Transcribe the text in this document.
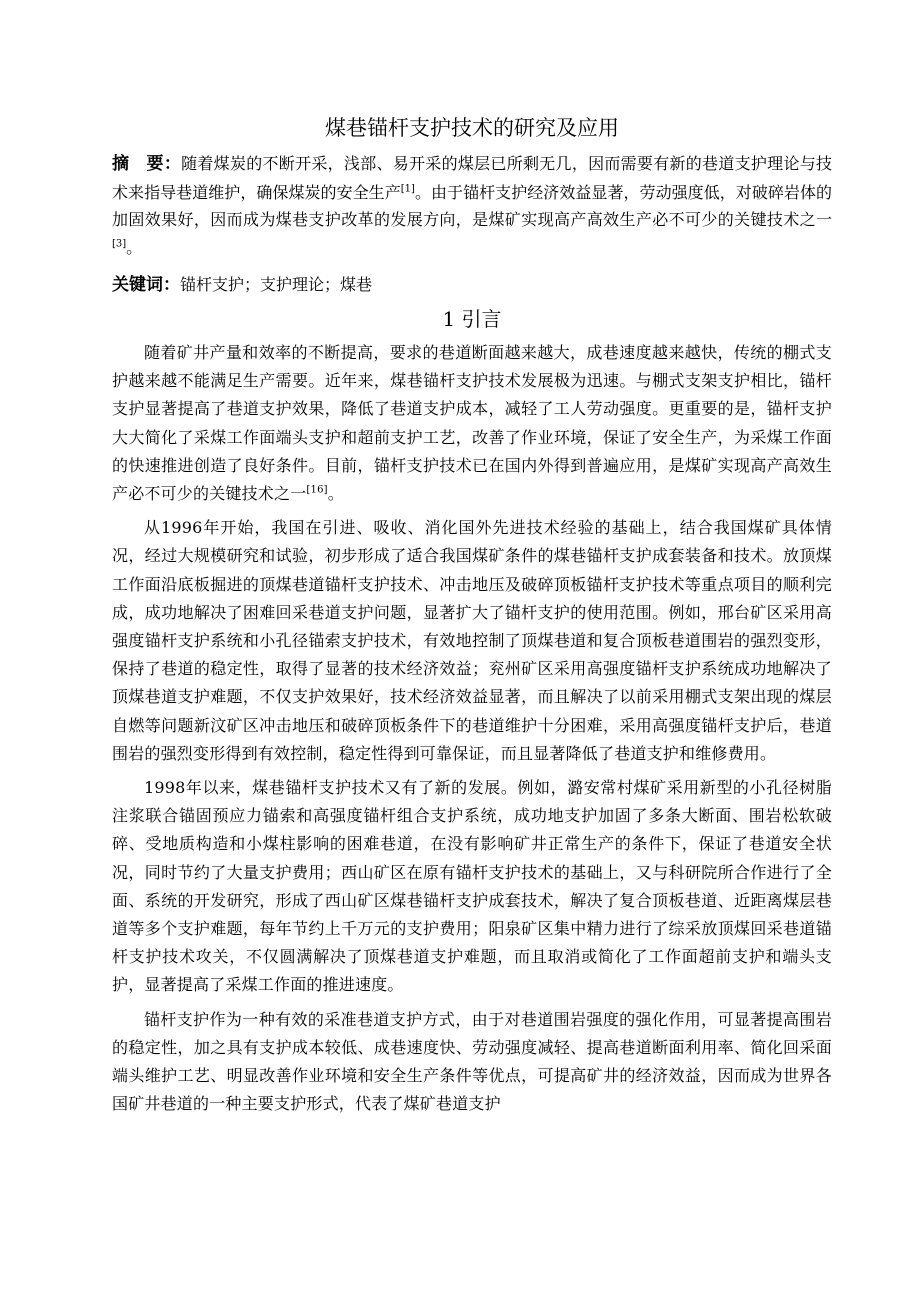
煤巷锚杆支护技术的研究及应用

摘　要：随着煤炭的不断开采，浅部、易开采的煤层已所剩无几，因而需要有新的巷道支护理论与技术来指导巷道维护，确保煤炭的安全生产[1]。由于锚杆支护经济效益显著，劳动强度低，对破碎岩体的加固效果好，因而成为煤巷支护改革的发展方向，是煤矿实现高产高效生产必不可少的关键技术之一[3]。

关键词：锚杆支护；支护理论；煤巷

1 引言

随着矿井产量和效率的不断提高，要求的巷道断面越来越大，成巷速度越来越快，传统的棚式支护越来越不能满足生产需要。近年来，煤巷锚杆支护技术发展极为迅速。与棚式支架支护相比，锚杆支护显著提高了巷道支护效果，降低了巷道支护成本，减轻了工人劳动强度。更重要的是，锚杆支护大大简化了采煤工作面端头支护和超前支护工艺，改善了作业环境，保证了安全生产，为采煤工作面的快速推进创造了良好条件。目前，锚杆支护技术已在国内外得到普遍应用，是煤矿实现高产高效生产必不可少的关键技术之一[16]。

从1996年开始，我国在引进、吸收、消化国外先进技术经验的基础上，结合我国煤矿具体情况，经过大规模研究和试验，初步形成了适合我国煤矿条件的煤巷锚杆支护成套装备和技术。放顶煤工作面沿底板掘进的顶煤巷道锚杆支护技术、冲击地压及破碎顶板锚杆支护技术等重点项目的顺利完成，成功地解决了困难回采巷道支护问题，显著扩大了锚杆支护的使用范围。例如，邢台矿区采用高强度锚杆支护系统和小孔径锚索支护技术，有效地控制了顶煤巷道和复合顶板巷道围岩的强烈变形，保持了巷道的稳定性，取得了显著的技术经济效益；兖州矿区采用高强度锚杆支护系统成功地解决了顶煤巷道支护难题，不仅支护效果好，技术经济效益显著，而且解决了以前采用棚式支架出现的煤层自燃等问题新汶矿区冲击地压和破碎顶板条件下的巷道维护十分困难，采用高强度锚杆支护后，巷道围岩的强烈变形得到有效控制，稳定性得到可靠保证，而且显著降低了巷道支护和维修费用。

1998年以来，煤巷锚杆支护技术又有了新的发展。例如，潞安常村煤矿采用新型的小孔径树脂注浆联合锚固预应力锚索和高强度锚杆组合支护系统，成功地支护加固了多条大断面、围岩松软破碎、受地质构造和小煤柱影响的困难巷道，在没有影响矿井正常生产的条件下，保证了巷道安全状况，同时节约了大量支护费用；西山矿区在原有锚杆支护技术的基础上，又与科研院所合作进行了全面、系统的开发研究，形成了西山矿区煤巷锚杆支护成套技术，解决了复合顶板巷道、近距离煤层巷道等多个支护难题，每年节约上千万元的支护费用；阳泉矿区集中精力进行了综采放顶煤回采巷道锚杆支护技术攻关，不仅圆满解决了顶煤巷道支护难题，而且取消或简化了工作面超前支护和端头支护，显著提高了采煤工作面的推进速度。

锚杆支护作为一种有效的采准巷道支护方式，由于对巷道围岩强度的强化作用，可显著提高围岩的稳定性，加之具有支护成本较低、成巷速度快、劳动强度减轻、提高巷道断面利用率、简化回采面端头维护工艺、明显改善作业环境和安全生产条件等优点，可提高矿井的经济效益，因而成为世界各国矿井巷道的一种主要支护形式，代表了煤矿巷道支护
